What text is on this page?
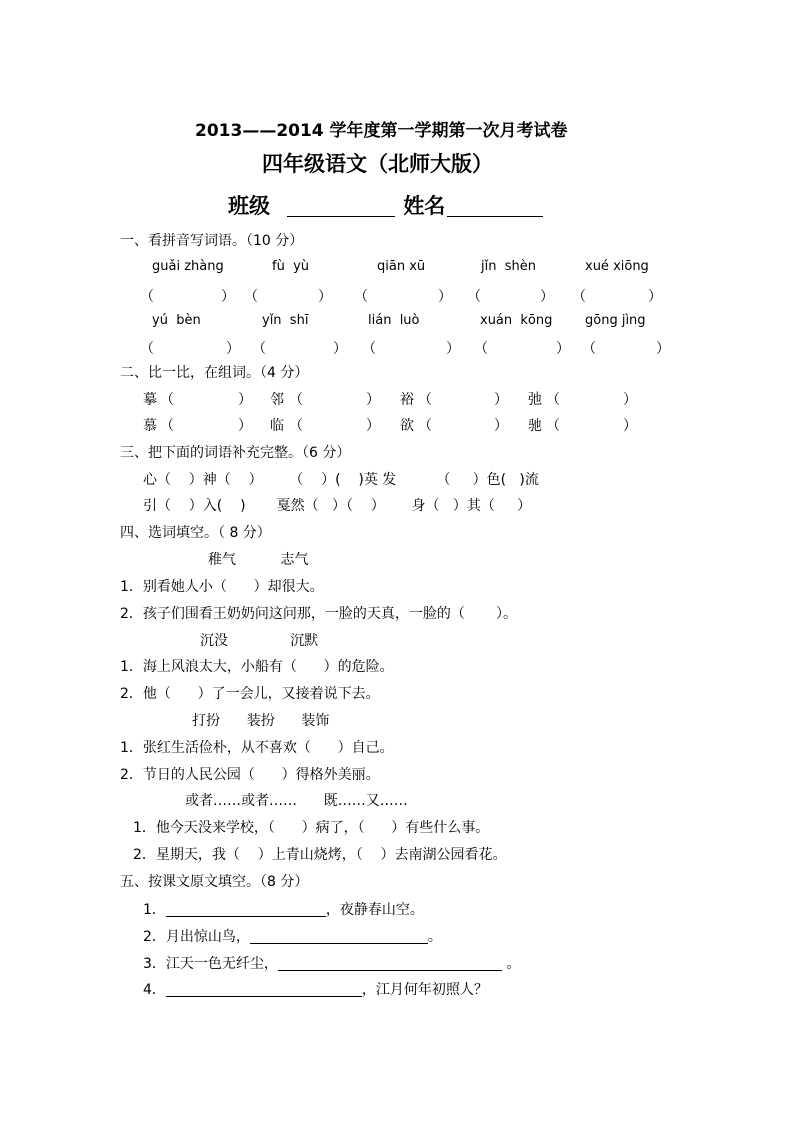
2013——2014 学年度第一学期第一次月考试卷
四年级语文（北师大版）
班级	姓名
一、看拼音写词语。（10 分）
guǎi zhàng	fù  yù	qiān xū	jǐn  shèn	xué xiōng
（	） （	） （	） （	） （	）
yú  bèn	yǐn  shī	lián  luò	xuán  kōng	gōng jìng
（	） （	） （	） （	） （	）
二、比一比，在组词。（4 分）
摹 （	） 邻 （	） 裕 （	） 弛 （	）
慕 （	） 临 （	） 欲 （	） 驰 （	）
三、把下面的词语补充完整。（6 分）
心（    ）神（    ）      （    ）(    )英 发         （     ）色(   )流
引（    ）入(    )       戛然（   ）（    ）      身（   ）其（     ）
四、选词填空。（ 8 分）
稚气          志气
1．别看她人小（      ）却很大。
2．孩子们围看王奶奶问这问那，一脸的天真，一脸的（       ）。
沉没              沉默
1．海上风浪太大，小船有（      ）的危险。
2．他（      ）了一会儿，又接着说下去。
打扮      装扮      装饰
1．张红生活俭朴，从不喜欢（      ）自己。
2．节日的人民公园（      ）得格外美丽。
或者……或者……      既……又……
1．他今天没来学校，（      ）病了，（      ）有些什么事。
2．星期天，我（    ）上青山烧烤，（    ）去南湖公园看花。
五、按课文原文填空。（8 分）
1．	，夜静春山空。
2．月出惊山鸟，	。
3．江天一色无纤尘，	。
4．	，江月何年初照人？
